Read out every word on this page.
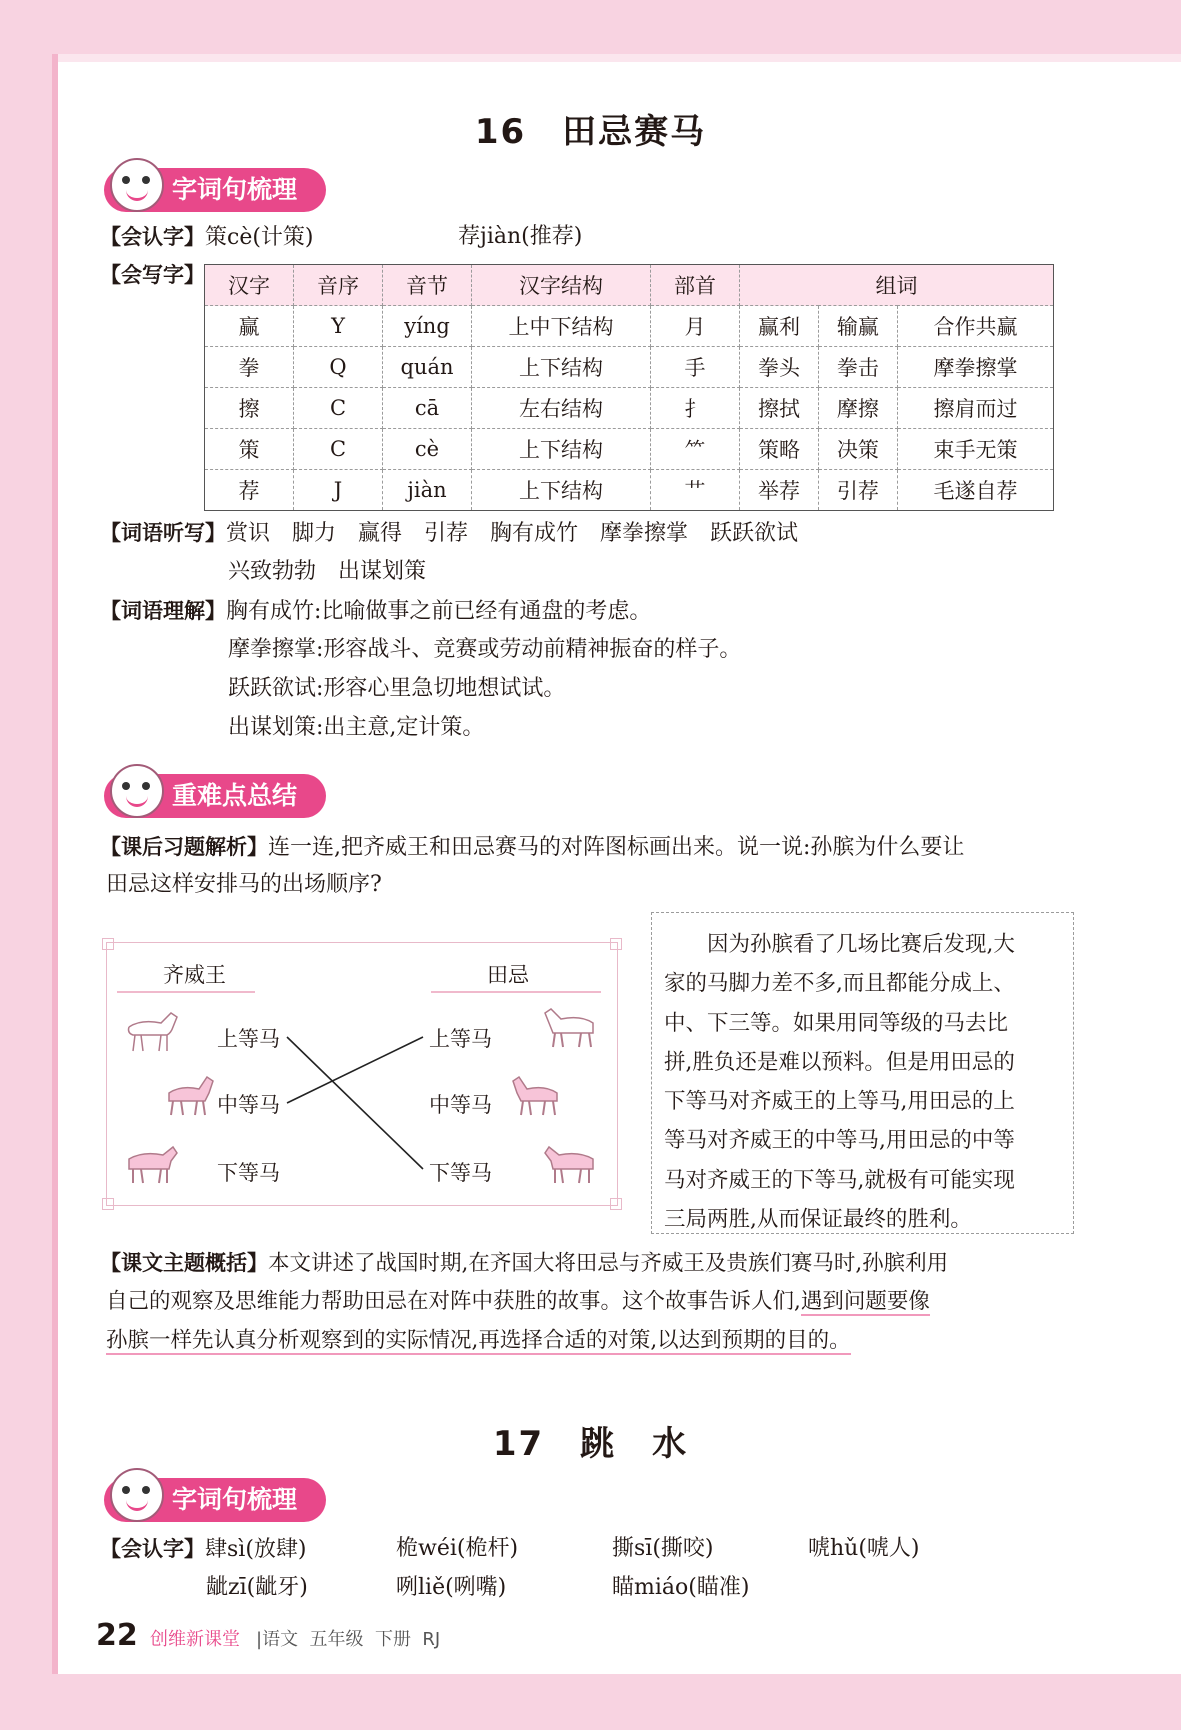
16　田忌赛马
字词句梳理
【会认字】策cè(计策)	荐jiàn(推荐)
【会写字】 汉字	音序	音节	汉字结构	部首	组词		
赢	Y	yíng	上中下结构	月	赢利	输赢	合作共赢
拳	Q	quán	上下结构	手	拳头	拳击	摩拳擦掌
擦	C	cā	左右结构	扌	擦拭	摩擦	擦肩而过
策	C	cè	上下结构	⺮	策略	决策	束手无策
荐	J	jiàn	上下结构	艹	举荐	引荐	毛遂自荐
【词语听写】赏识　脚力　赢得　引荐　胸有成竹　摩拳擦掌　跃跃欲试
兴致勃勃　出谋划策
【词语理解】胸有成竹:比喻做事之前已经有通盘的考虑。
摩拳擦掌:形容战斗、竞赛或劳动前精神振奋的样子。
跃跃欲试:形容心里急切地想试试。
出谋划策:出主意,定计策。
重难点总结
【课后习题解析】连一连,把齐威王和田忌赛马的对阵图标画出来。说一说:孙膑为什么要让
田忌这样安排马的出场顺序?
齐威王	田忌
上等马
中等马
下等马
上等马
中等马
下等马
　　因为孙膑看了几场比赛后发现,大
家的马脚力差不多,而且都能分成上、
中、下三等。如果用同等级的马去比
拼,胜负还是难以预料。但是用田忌的
下等马对齐威王的上等马,用田忌的上
等马对齐威王的中等马,用田忌的中等
马对齐威王的下等马,就极有可能实现
三局两胜,从而保证最终的胜利。
【课文主题概括】本文讲述了战国时期,在齐国大将田忌与齐威王及贵族们赛马时,孙膑利用
自己的观察及思维能力帮助田忌在对阵中获胜的故事。这个故事告诉人们,遇到问题要像
孙膑一样先认真分析观察到的实际情况,再选择合适的对策,以达到预期的目的。
17　跳　水
字词句梳理
【会认字】肆sì(放肆)	桅wéi(桅杆)	撕sī(撕咬)	唬hǔ(唬人)
龇zī(龇牙)	咧liě(咧嘴)	瞄miáo(瞄准)
22 创维新课堂 |语文  五年级  下册  RJ
